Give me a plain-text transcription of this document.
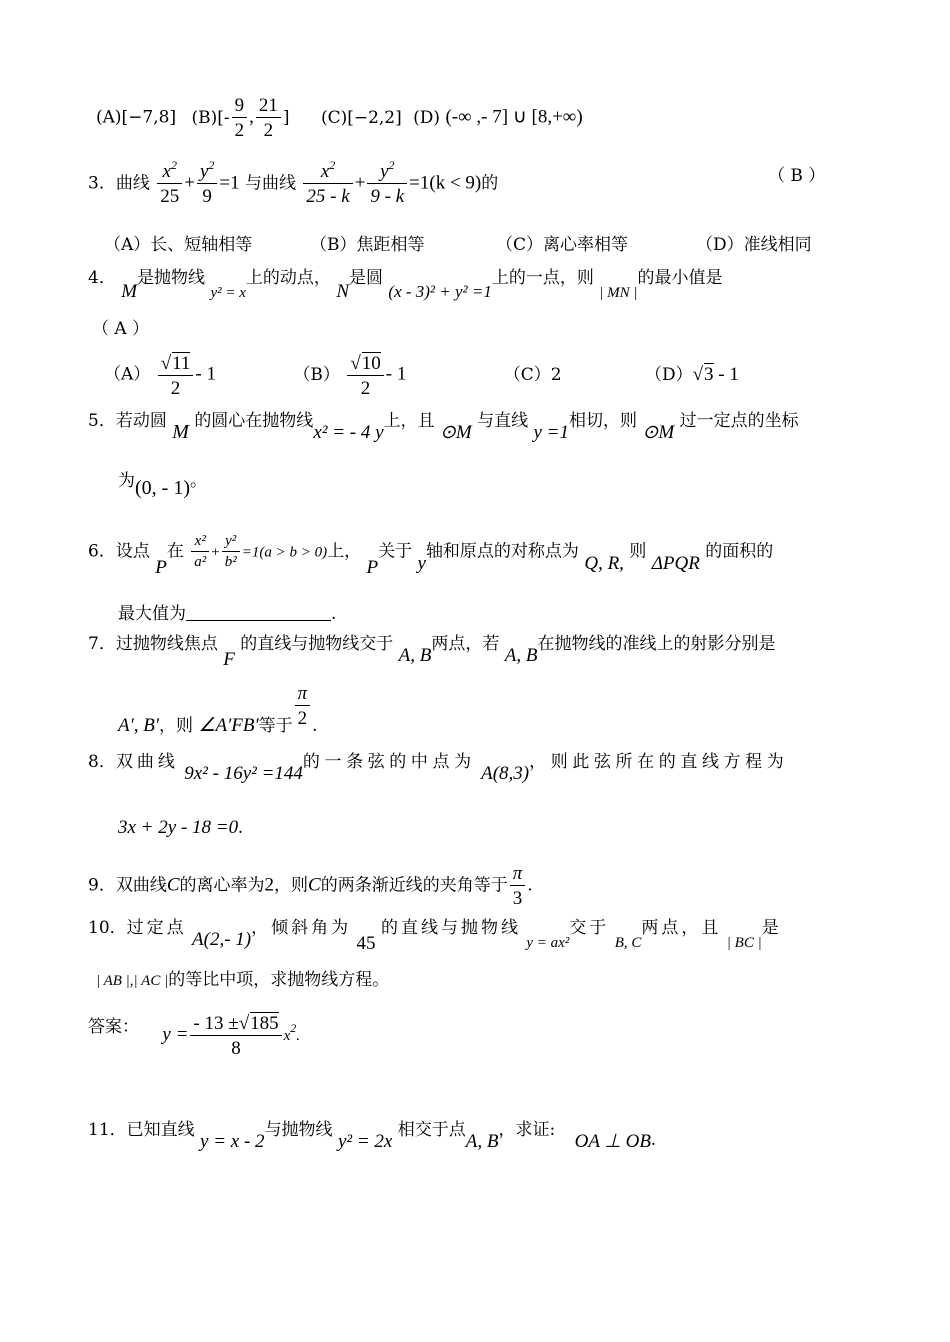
(A)[−7,8] $(B)[- \frac{9}{2}$ , $\frac{21}{2}$ ] (C)[−2,2] (D) (-∞ ,- 7] ∪ [8,+∞)
3．曲线 $\frac{x^2}{25} + \frac{y^2}{9} =1$ 与曲线 $\frac{x^2}{25 - k} + \frac{y^2}{9 - k} =1(k < 9)$的	（ B ）
（A）长、短轴相等	（B）焦距相等	（C）离心率相等	（D）准线相同
4． M是抛物线 y² = x上的动点， N是圆 (x - 3)² + y² =1上的一点，则 | MN |的最小值是
（ A ）
$(A) \frac{√11}{2} - 1$	$(B) \frac{√10}{2} - 1$	（C）2	（D）√3 - 1
5．若动圆 M 的圆心在抛物线x² = - 4 y上，且 ⊙M 与直线 y =1相切，则 ⊙M 过一定点的坐标
为(0, - 1)。
6．设点 P在 $\frac{\text{x²}}{\text{a²}} + \frac{\text{y²}}{\text{b²}} =1(a > b > 0)$上， P关于 y轴和原点的对称点为 Q, R, 则 ΔPQR 的面积的
最大值为	.
7．过抛物线焦点 F 的直线与抛物线交于 A, B两点，若 A, B在抛物线的准线上的射影分别是
A′, B′，则 ∠A′FB′等于 $\frac{\pi}{2}$ .
8．双曲线 9x² - 16y² =144的一条弦的中点为 A(8,3)，则此弦所在的直线方程为
3x + 2y - 18 =0.
9．双曲线C的离心率为2，则C的两条渐近线的夹角等于 $\frac{\pi}{3}$ .
10．过定点 A(2,- 1)，倾斜角为 45 的直线与抛物线 y = ax²交于 B, C两点，且 | BC |是
| AB |,| AC |的等比中项，求抛物线方程。
答案： $y = \frac{- 13 \pm√185}{8} x^2$.
11．已知直线 y = x - 2与抛物线 y² = 2x 相交于点A, B，求证: OA ⊥ OB.
